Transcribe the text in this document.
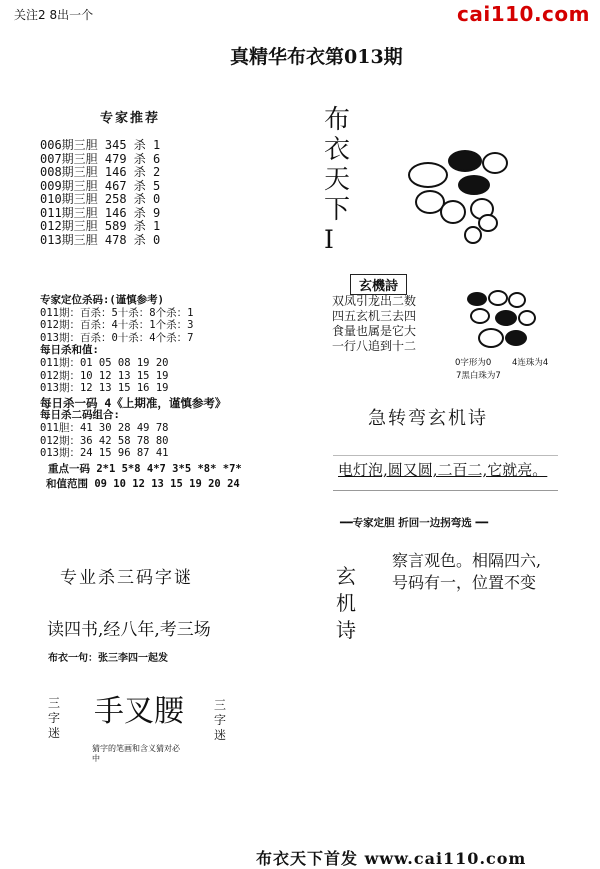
关注2 8出一个	cai110.com
真精华布衣第013期
专家推荐
006期三胆 345 杀 1
007期三胆 479 杀 6
008期三胆 146 杀 2
009期三胆 467 杀 5
010期三胆 258 杀 0
011期三胆 146 杀 9
012期三胆 589 杀 1
013期三胆 478 杀 0
专家定位杀码:(谨慎参考)
011期：百杀：5十杀：8个杀：1
012期：百杀：4十杀：1个杀：3
013期：百杀：0十杀：4个杀：7
每日杀和值:
011期：01 05 08 19 20
012期：10 12 13 15 19
013期：12 13 15 16 19
每日杀一码 4《上期准，谨慎参考》
每日杀二码组合:
011胆：41 30 28 49 78
012期：36 42 58 78 80
013期：24 15 96 87 41
重点一码 2*1 5*8 4*7 3*5 *8* *7*
和值范围 09 10 12 13 15 19 20 24
布
衣
天
下
I
玄機詩
双凤引龙出二数
四五玄机三去四
食量也属是它大
一行八追到十二
0字形为0 4连珠为4
7黑白珠为7
急转弯玄机诗
电灯泡,圆又圆,二百二,它就亮。
━━专家定胆 折回一边拐弯选 ━━
玄
机
诗
察言观色。相隔四六,
号码有一，位置不变
专业杀三码字谜
读四书,经八年,考三场
布衣一句：张三李四一起发
三
字
迷
手叉腰
猜字的笔画和含义猜对必中
三
字
迷
布衣天下首发 www.cai110.com
